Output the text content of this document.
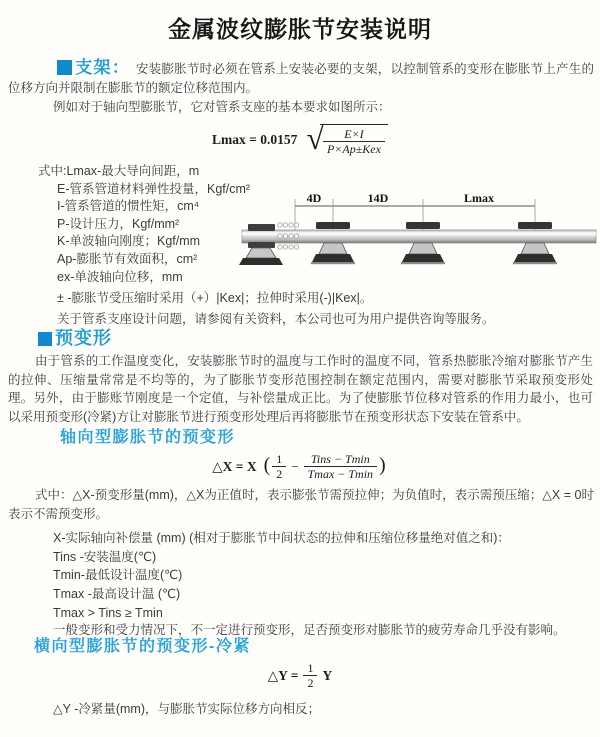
金属波纹膨胀节安装说明
支架： 安装膨胀节时必须在管系上安装必要的支架，以控制管系的变形在膨胀节上产生的位移方向并限制在膨胀节的额定位移范围内。
例如对于轴向型膨胀节，它对管系支座的基本要求如图所示：
Lmax = 0.0157 √ $\frac{E\times I}{\text{P×Ap±Kex}}$
式中:Lmax-最大导向间距，m
E-管系管道材料弹性投量，Kgf/cm²
I-管系管道的惯性矩，cm⁴
P-设计压力，Kgf/mm²
K-单波轴向刚度；Kgf/mm
Ap-膨胀节有效面积，cm²
ex-单波轴向位移，mm
± -膨胀节受压缩时采用（+）|Kex|；拉伸时采用(-)|Kex|。
关于管系支座设计问题，请参阅有关资料，本公司也可为用户提供咨询等服务。
4D	14D	Lmax
预变形
由于管系的工作温度变化，安装膨胀节时的温度与工作时的温度不同，管系热膨胀冷缩对膨胀节产生的拉伸、压缩量常常是不均等的，为了膨胀节变形范围控制在额定范围内，需要对膨胀节采取预变形处理。另外，由于膨账节刚度是一个定值，与补偿量成正比。为了使膨胀节位移对管系的作用力最小，也可以采用预变形(冷紧)方让对膨胀节进行预变形处理后再将膨胀节在预变形状态下安装在管系中。
轴向型膨胀节的预变形
△X = X ( $\frac{1}{2} - \frac{\text{Tins − Tmin}}{Tmax - Tmin}$ )
式中：△X-预变形量(mm)，△X为正值时，表示膨张节需预拉伸；为负值时，表示需预压缩；△X = 0时表示不需预变形。
X-实际轴向补偿量 (mm) (相对于膨胀节中间状态的拉伸和压缩位移量绝对值之和)：
Tins -安装温度(℃)
Tmin-最低设计温度(℃)
Tmax -最高设计温 (℃)
Tmax > Tins ≥ Tmin
一般变形和受力情况下，不一定进行预变形，足否预变形对膨胀节的疲劳寿命几乎没有影响。
横向型膨胀节的预变形-冷紧
△Y = $\frac{1}{2}$ Y
△Y -冷紧量(mm)，与膨胀节实际位移方向相反；
